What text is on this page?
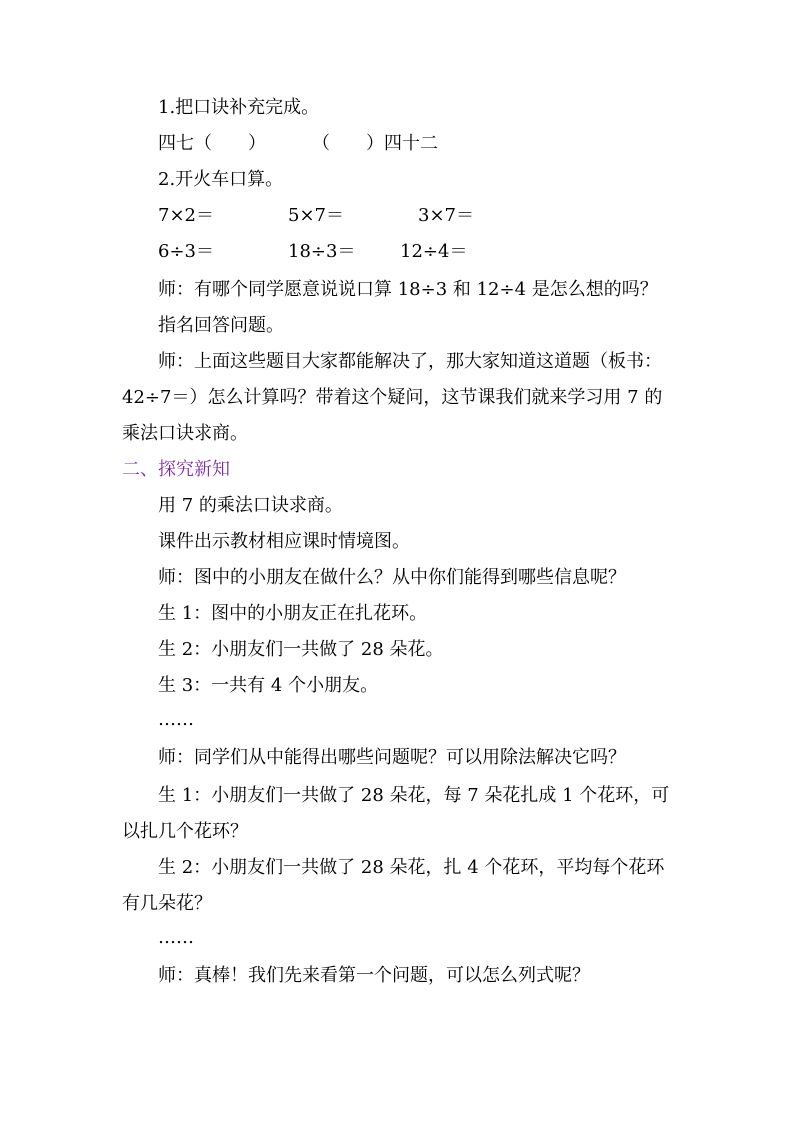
1.把口诀补充完成。
四七（　　）	（　　）四十二
2.开火车口算。
7×2＝	5×7＝	3×7＝
6÷3＝	18÷3＝ 12÷4＝
师：有哪个同学愿意说说口算 18÷3 和 12÷4 是怎么想的吗？
指名回答问题。
师：上面这些题目大家都能解决了，那大家知道这道题（板书：
42÷7＝）怎么计算吗？带着这个疑问，这节课我们就来学习用 7 的
乘法口诀求商。
二、探究新知
用 7 的乘法口诀求商。
课件出示教材相应课时情境图。
师：图中的小朋友在做什么？从中你们能得到哪些信息呢？
生 1：图中的小朋友正在扎花环。
生 2：小朋友们一共做了 28 朵花。
生 3：一共有 4 个小朋友。
……
师：同学们从中能得出哪些问题呢？可以用除法解决它吗？
生 1：小朋友们一共做了 28 朵花，每 7 朵花扎成 1 个花环，可
以扎几个花环？
生 2：小朋友们一共做了 28 朵花，扎 4 个花环，平均每个花环
有几朵花？
……
师：真棒！我们先来看第一个问题，可以怎么列式呢？
